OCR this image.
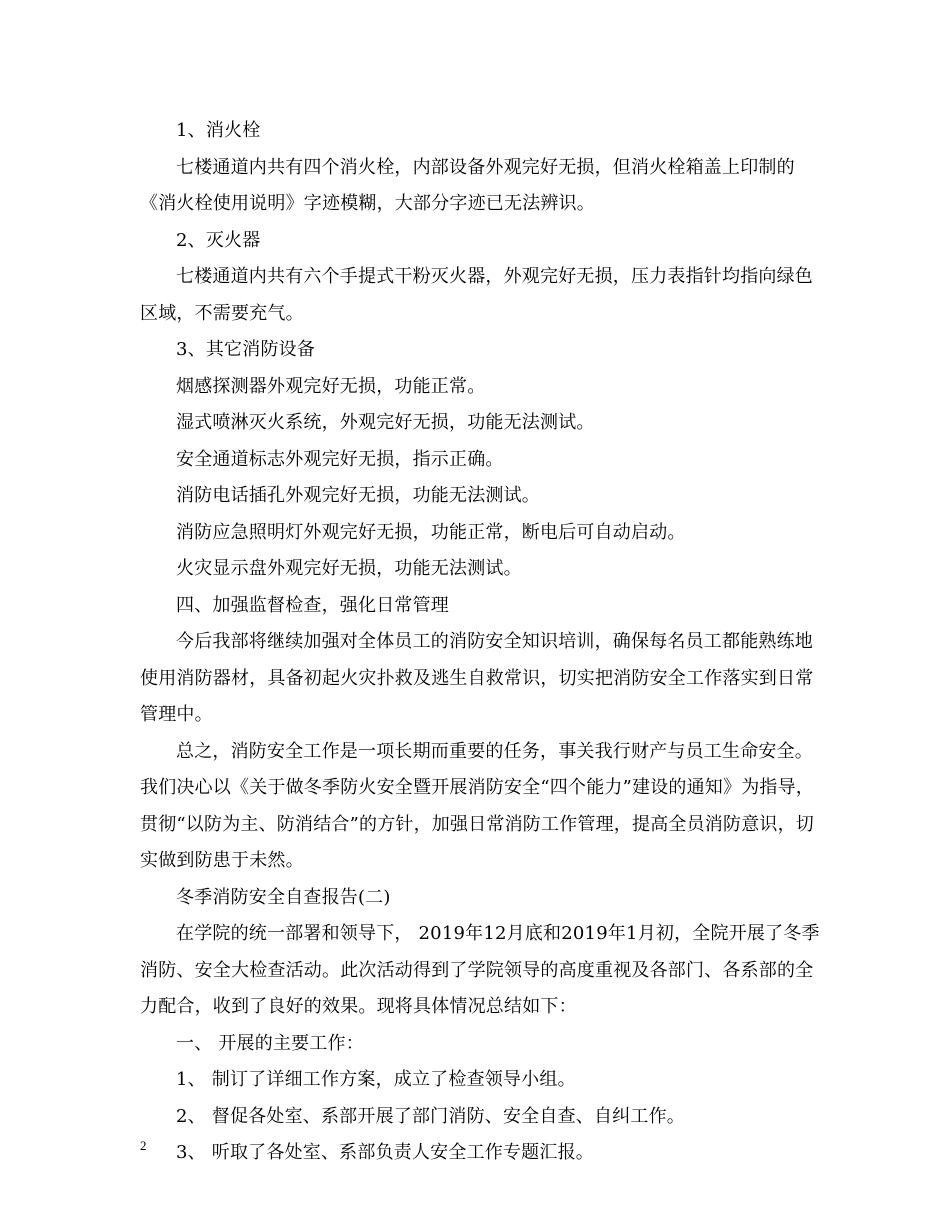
1、消火栓

七楼通道内共有四个消火栓，内部设备外观完好无损，但消火栓箱盖上印制的《消火栓使用说明》字迹模糊，大部分字迹已无法辨识。

2、灭火器

七楼通道内共有六个手提式干粉灭火器，外观完好无损，压力表指针均指向绿色区域，不需要充气。

3、其它消防设备

烟感探测器外观完好无损，功能正常。

湿式喷淋灭火系统，外观完好无损，功能无法测试。

安全通道标志外观完好无损，指示正确。

消防电话插孔外观完好无损，功能无法测试。

消防应急照明灯外观完好无损，功能正常，断电后可自动启动。

火灾显示盘外观完好无损，功能无法测试。

四、加强监督检查，强化日常管理

今后我部将继续加强对全体员工的消防安全知识培训，确保每名员工都能熟练地使用消防器材，具备初起火灾扑救及逃生自救常识，切实把消防安全工作落实到日常管理中。

总之，消防安全工作是一项长期而重要的任务，事关我行财产与员工生命安全。我们决心以《关于做冬季防火安全暨开展消防安全“四个能力”建设的通知》为指导，贯彻“以防为主、防消结合”的方针，加强日常消防工作管理，提高全员消防意识，切实做到防患于未然。

冬季消防安全自查报告(二)

在学院的统一部署和领导下， 2019年12月底和2019年1月初，全院开展了冬季消防、安全大检查活动。此次活动得到了学院领导的高度重视及各部门、各系部的全力配合，收到了良好的效果。现将具体情况总结如下：

一、 开展的主要工作：

1、 制订了详细工作方案，成立了检查领导小组。

2、 督促各处室、系部开展了部门消防、安全自查、自纠工作。

3、 听取了各处室、系部负责人安全工作专题汇报。

2
